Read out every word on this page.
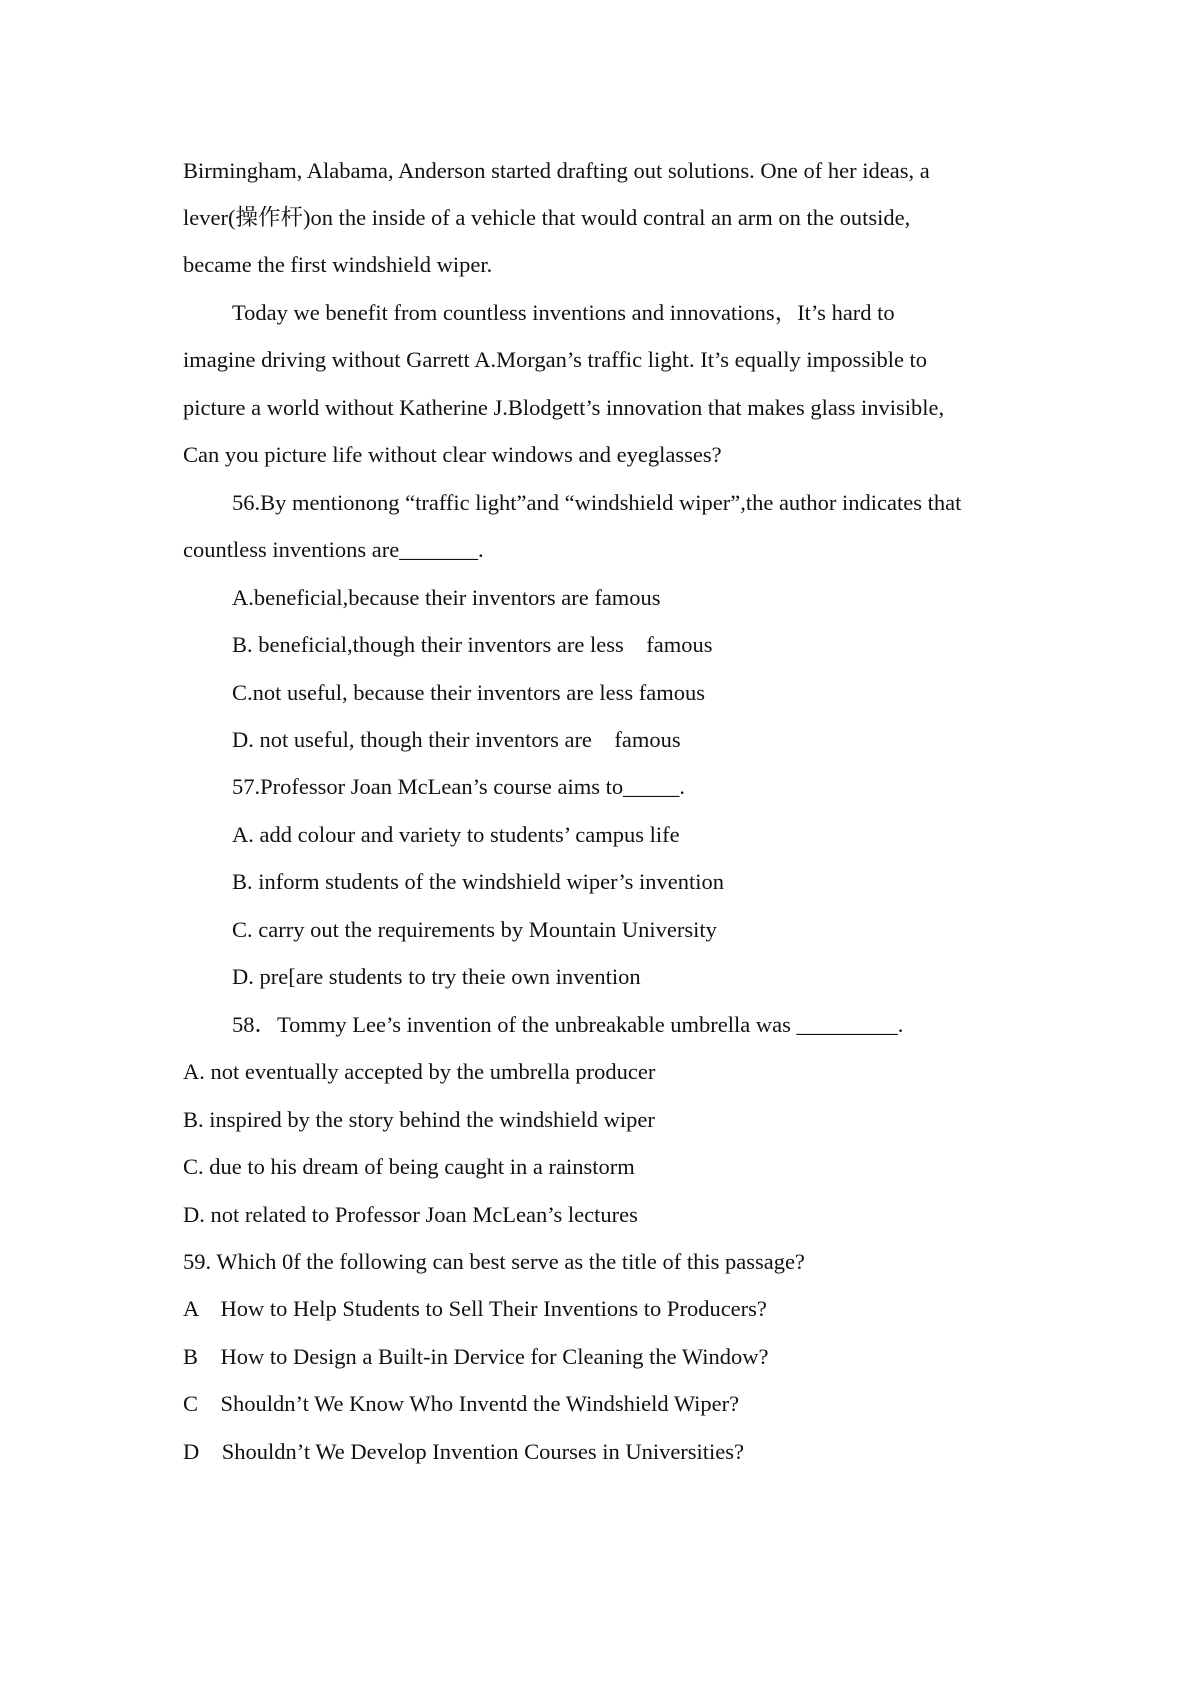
Birmingham, Alabama, Anderson started drafting out solutions. One of her ideas, a

lever(操作杆)on the inside of a vehicle that would contral an arm on the outside,

became the first windshield wiper.

Today we benefit from countless inventions and innovations，It’s hard to

imagine driving without Garrett A.Morgan’s traffic light. It’s equally impossible to

picture a world without Katherine J.Blodgett’s innovation that makes glass invisible,

Can you picture life without clear windows and eyeglasses?

56.By mentionong “traffic light”and “windshield wiper”,the author indicates that

countless inventions are_______.

A.beneficial,because their inventors are famous

B. beneficial,though their inventors are less    famous

C.not useful, because their inventors are less famous

D. not useful, though their inventors are    famous

57.Professor Joan McLean’s course aims to_____.

A. add colour and variety to students’ campus life

B. inform students of the windshield wiper’s invention

C. carry out the requirements by Mountain University

D. pre[are students to try theie own invention

58．Tommy Lee’s invention of the unbreakable umbrella was _________.

A. not eventually accepted by the umbrella producer

B. inspired by the story behind the windshield wiper

C. due to his dream of being caught in a rainstorm

D. not related to Professor Joan McLean’s lectures

59. Which 0f the following can best serve as the title of this passage?

A    How to Help Students to Sell Their Inventions to Producers?

B    How to Design a Built-in Dervice for Cleaning the Window?

C    Shouldn’t We Know Who Inventd the Windshield Wiper?

D    Shouldn’t We Develop Invention Courses in Universities?
